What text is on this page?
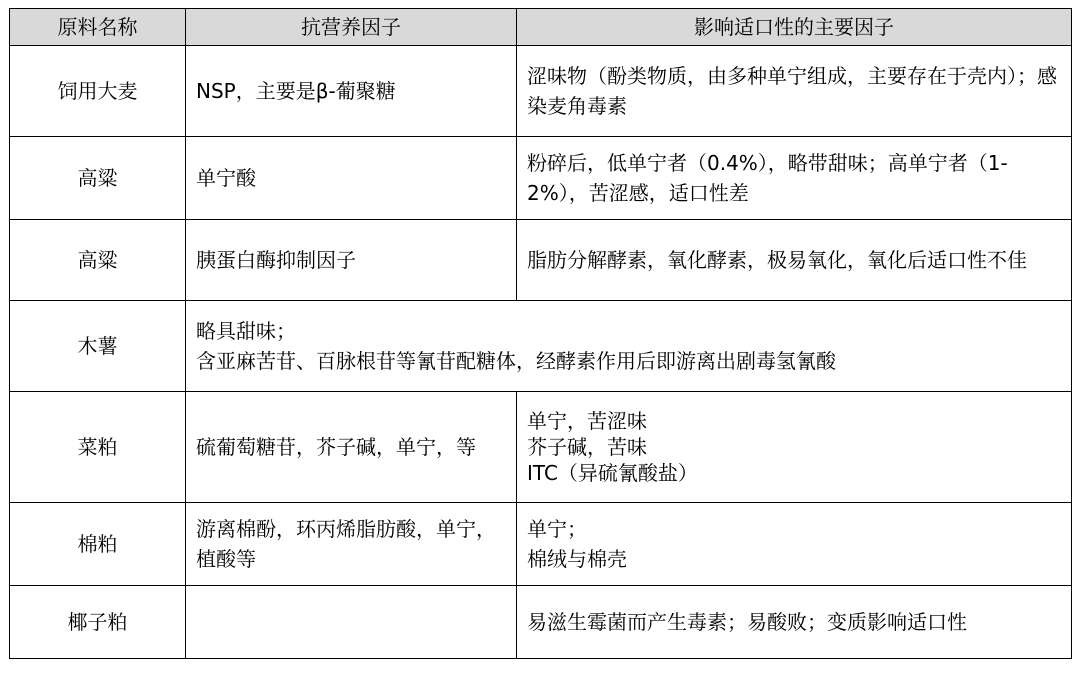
原料名称	抗营养因子	影响适口性的主要因子
饲用大麦	NSP，主要是β-葡聚糖	涩味物（酚类物质，由多种单宁组成，主要存在于壳内）；感染麦角毒素
高粱	单宁酸	粉碎后，低单宁者（0.4%），略带甜味；高单宁者（1-2%），苦涩感，适口性差
高粱	胰蛋白酶抑制因子	脂肪分解酵素，氧化酵素，极易氧化，氧化后适口性不佳
木薯	略具甜味；
含亚麻苦苷、百脉根苷等氰苷配糖体，经酵素作用后即游离出剧毒氢氰酸	
菜粕	硫葡萄糖苷，芥子碱，单宁，等	单宁，苦涩味
芥子碱，苦味
ITC（异硫氰酸盐）
棉粕	游离棉酚，环丙烯脂肪酸，单宁，植酸等	单宁；
棉绒与棉壳
椰子粕		易滋生霉菌而产生毒素；易酸败；变质影响适口性
